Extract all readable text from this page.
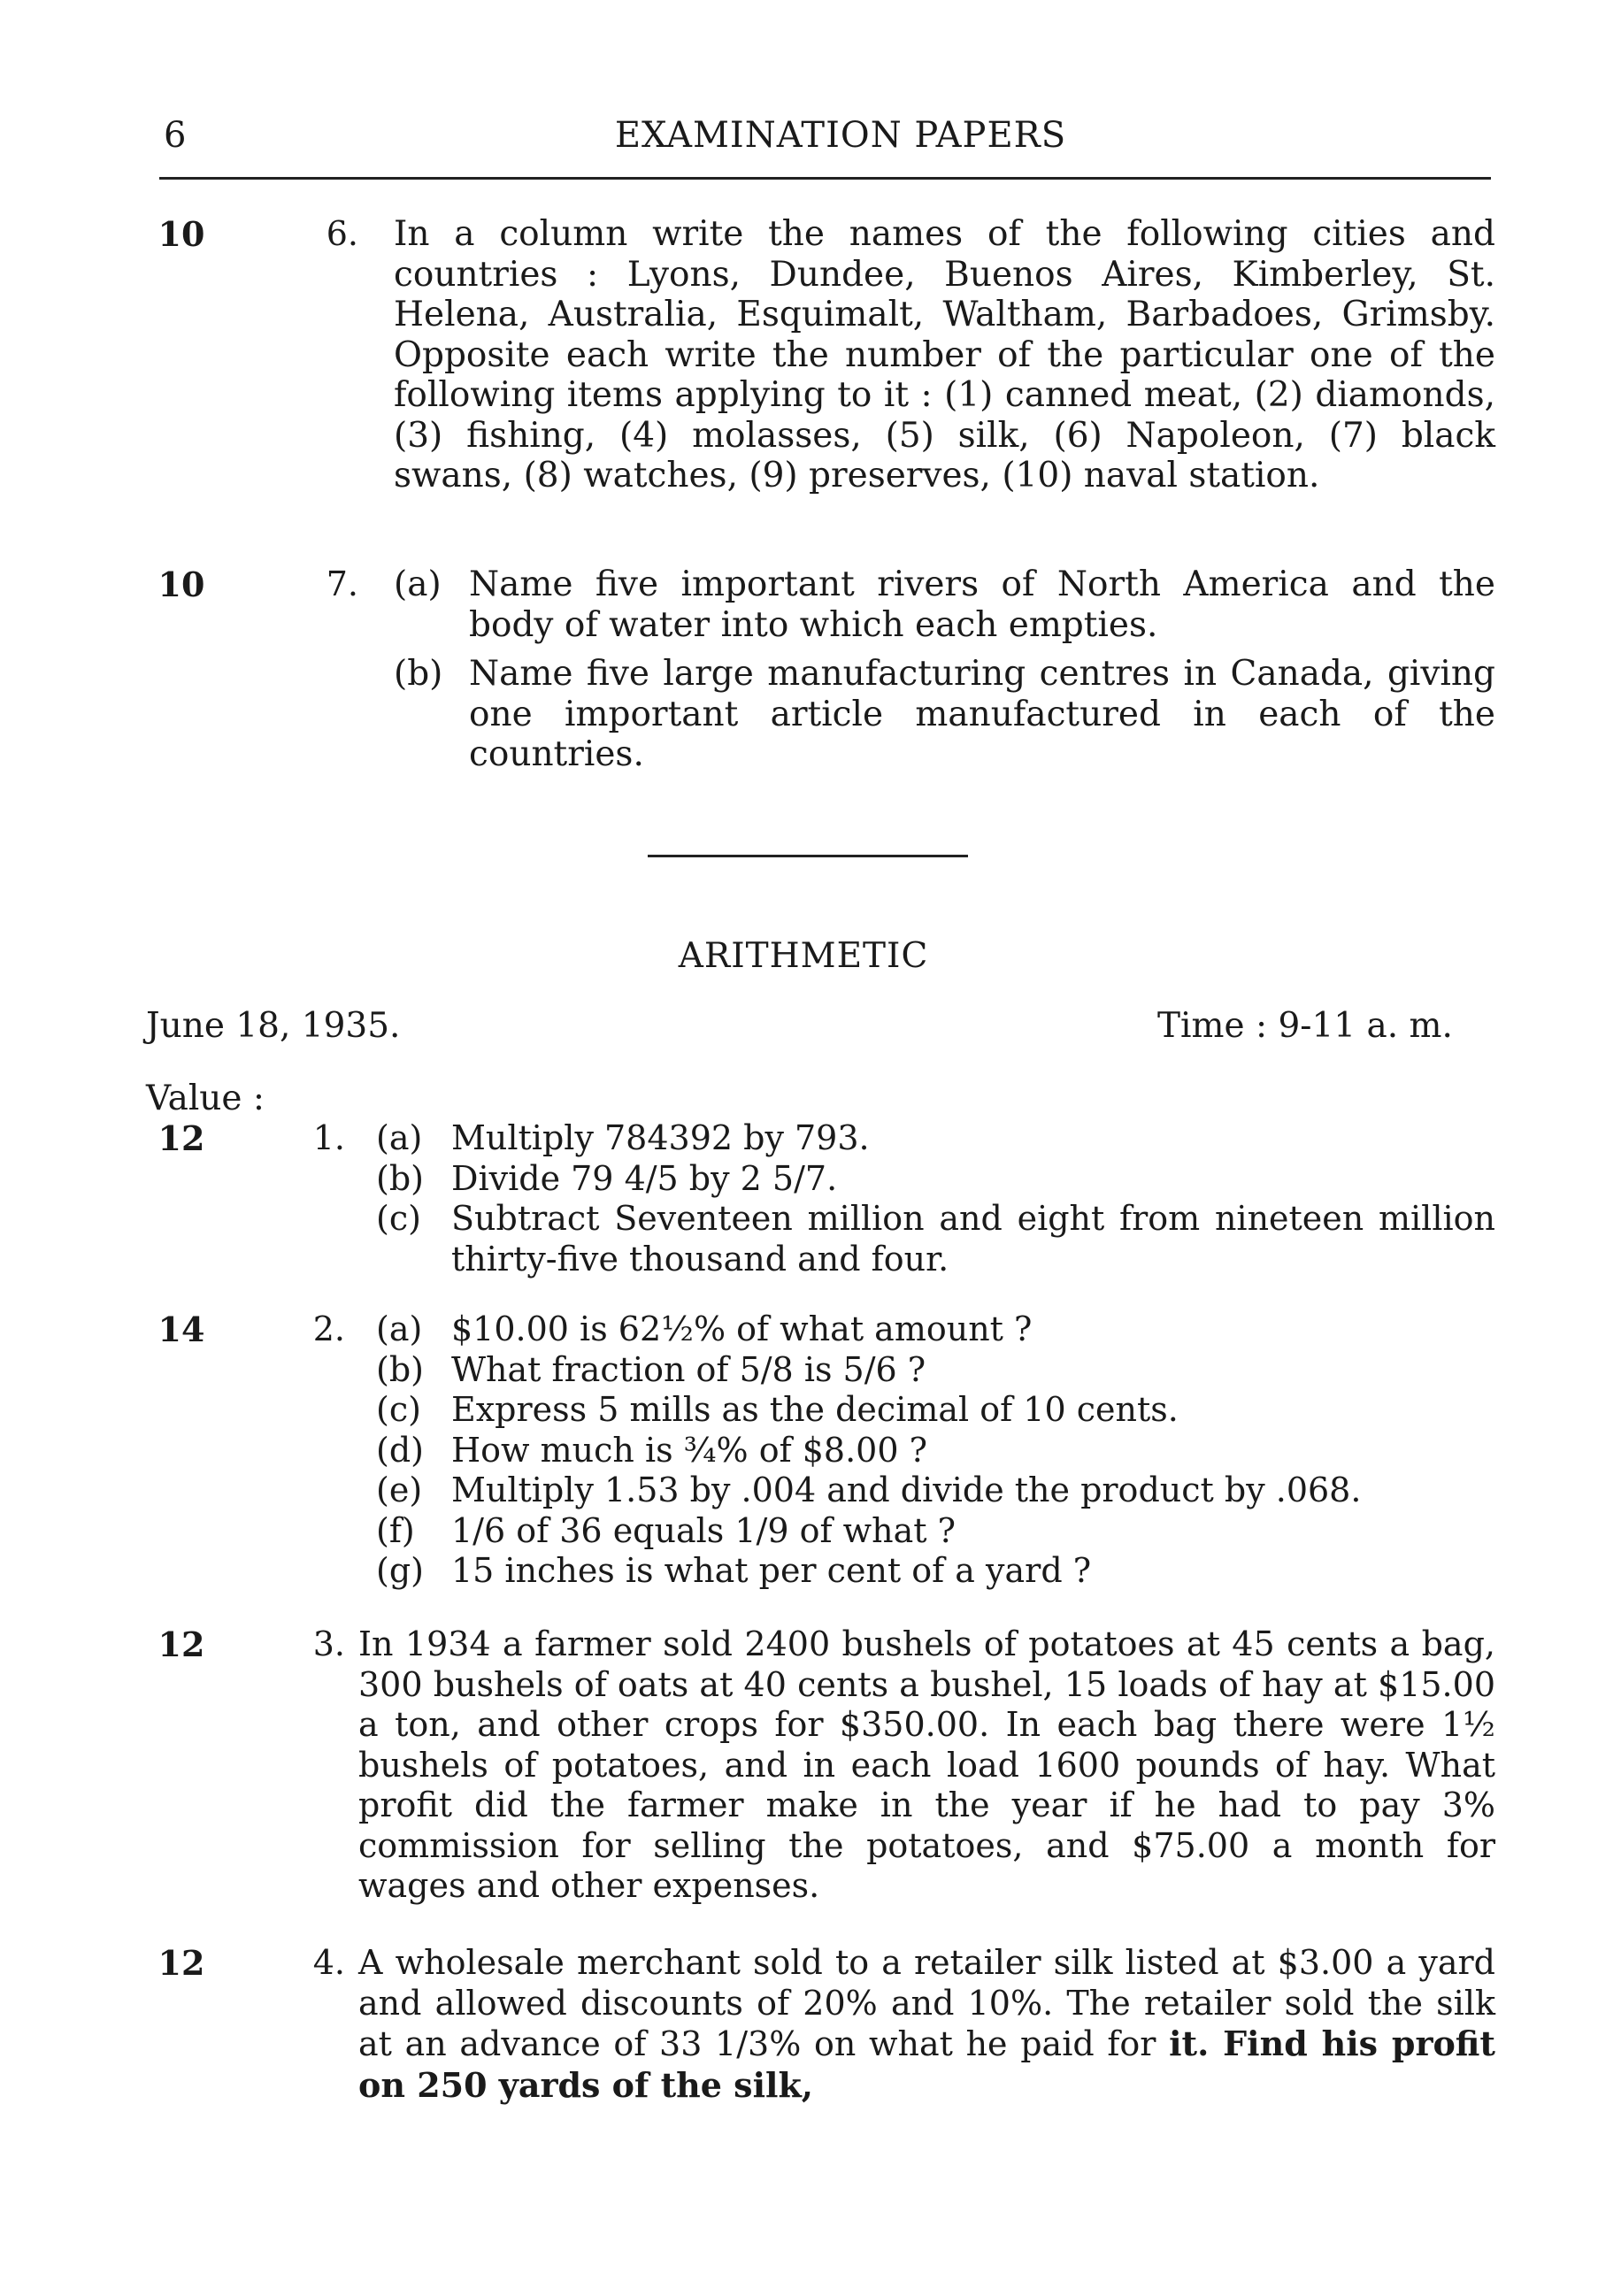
6	EXAMINATION PAPERS
10	6. In a column write the names of the following cities and countries : Lyons, Dundee, Buenos Aires, Kimberley, St. Helena, Australia, Esquimalt, Waltham, Barbadoes, Grimsby. Opposite each write the number of the particular one of the following items applying to it : (1) canned meat, (2) diamonds, (3) fishing, (4) molasses, (5) silk, (6) Napoleon, (7) black swans, (8) watches, (9) preserves, (10) naval station.
10	7. (a) Name five important rivers of North America and the body of water into which each empties.
(b) Name five large manufacturing centres in Canada, giving one important article manufactured in each of the countries.
ARITHMETIC
June 18, 1935.	Time : 9-11 a. m.
Value :
12	1. (a) Multiply 784392 by 793.
(b) Divide 79 4/5 by 2 5/7.
(c) Subtract Seventeen million and eight from nineteen million thirty-five thousand and four.
14	2. (a) $10.00 is 62½% of what amount ?
(b) What fraction of 5/8 is 5/6 ?
(c) Express 5 mills as the decimal of 10 cents.
(d) How much is ¾% of $8.00 ?
(e) Multiply 1.53 by .004 and divide the product by .068.
(f) 1/6 of 36 equals 1/9 of what ?
(g) 15 inches is what per cent of a yard ?
12	3. In 1934 a farmer sold 2400 bushels of potatoes at 45 cents a bag, 300 bushels of oats at 40 cents a bushel, 15 loads of hay at $15.00 a ton, and other crops for $350.00. In each bag there were 1½ bushels of potatoes, and in each load 1600 pounds of hay. What profit did the farmer make in the year if he had to pay 3% commission for selling the potatoes, and $75.00 a month for wages and other expenses.
12	4. A wholesale merchant sold to a retailer silk listed at $3.00 a yard and allowed discounts of 20% and 10%. The retailer sold the silk at an advance of 33 1/3% on what he paid for it. Find his profit on 250 yards of the silk,
